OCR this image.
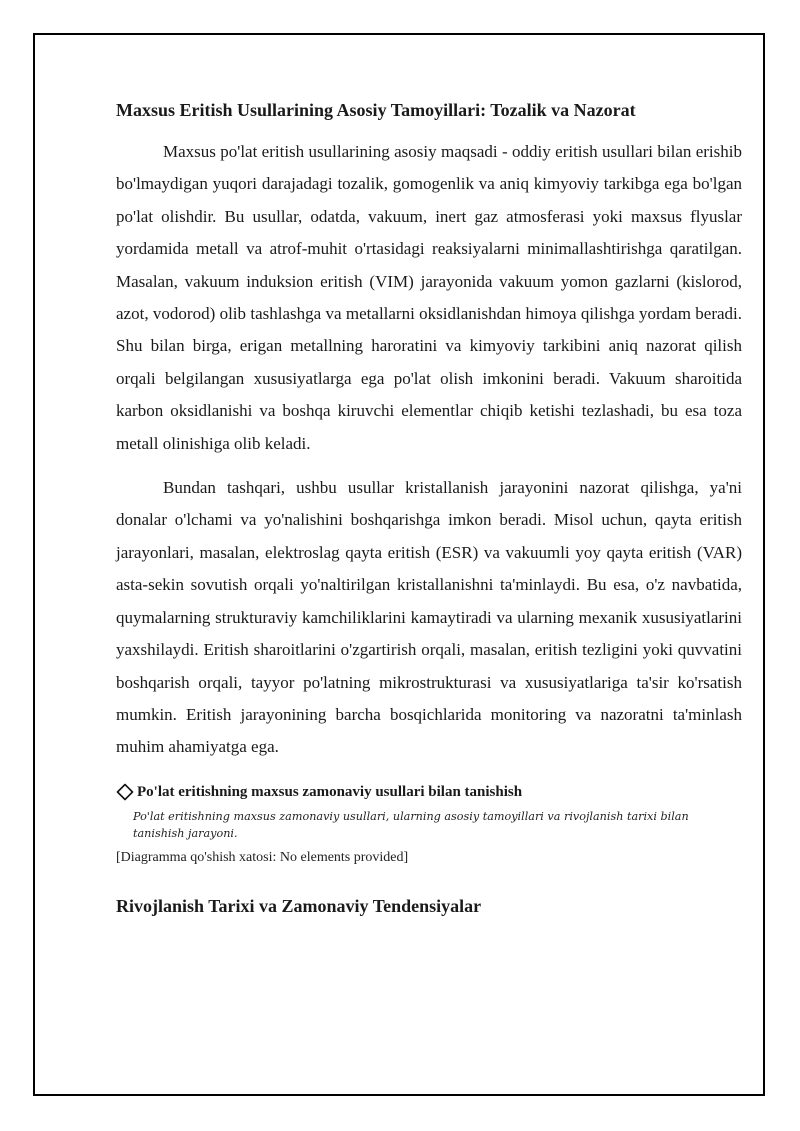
Maxsus Eritish Usullarining Asosiy Tamoyillari: Tozalik va Nazorat

Maxsus po'lat eritish usullarining asosiy maqsadi - oddiy eritish usullari bilan erishib bo'lmaydigan yuqori darajadagi tozalik, gomogenlik va aniq kimyoviy tarkibga ega bo'lgan po'lat olishdir. Bu usullar, odatda, vakuum, inert gaz atmosferasi yoki maxsus flyuslar yordamida metall va atrof-muhit o'rtasidagi reaksiyalarni minimallashtirishga qaratilgan. Masalan, vakuum induksion eritish (VIM) jarayonida vakuum yomon gazlarni (kislorod, azot, vodorod) olib tashlashga va metallarni oksidlanishdan himoya qilishga yordam beradi. Shu bilan birga, erigan metallning haroratini va kimyoviy tarkibini aniq nazorat qilish orqali belgilangan xususiyatlarga ega po'lat olish imkonini beradi. Vakuum sharoitida karbon oksidlanishi va boshqa kiruvchi elementlar chiqib ketishi tezlashadi, bu esa toza metall olinishiga olib keladi.

Bundan tashqari, ushbu usullar kristallanish jarayonini nazorat qilishga, ya'ni donalar o'lchami va yo'nalishini boshqarishga imkon beradi. Misol uchun, qayta eritish jarayonlari, masalan, elektroslag qayta eritish (ESR) va vakuumli yoy qayta eritish (VAR) asta-sekin sovutish orqali yo'naltirilgan kristallanishni ta'minlaydi. Bu esa, o'z navbatida, quymalarning strukturaviy kamchiliklarini kamaytiradi va ularning mexanik xususiyatlarini yaxshilaydi. Eritish sharoitlarini o'zgartirish orqali, masalan, eritish tezligini yoki quvvatini boshqarish orqali, tayyor po'latning mikrostrukturasi va xususiyatlariga ta'sir ko'rsatish mumkin. Eritish jarayonining barcha bosqichlarida monitoring va nazoratni ta'minlash muhim ahamiyatga ega.

Po'lat eritishning maxsus zamonaviy usullari bilan tanishish
Po'lat eritishning maxsus zamonaviy usullari, ularning asosiy tamoyillari va rivojlanish tarixi bilan tanishish jarayoni.
[Diagramma qo'shish xatosi: No elements provided]
Rivojlanish Tarixi va Zamonaviy Tendensiyalar
